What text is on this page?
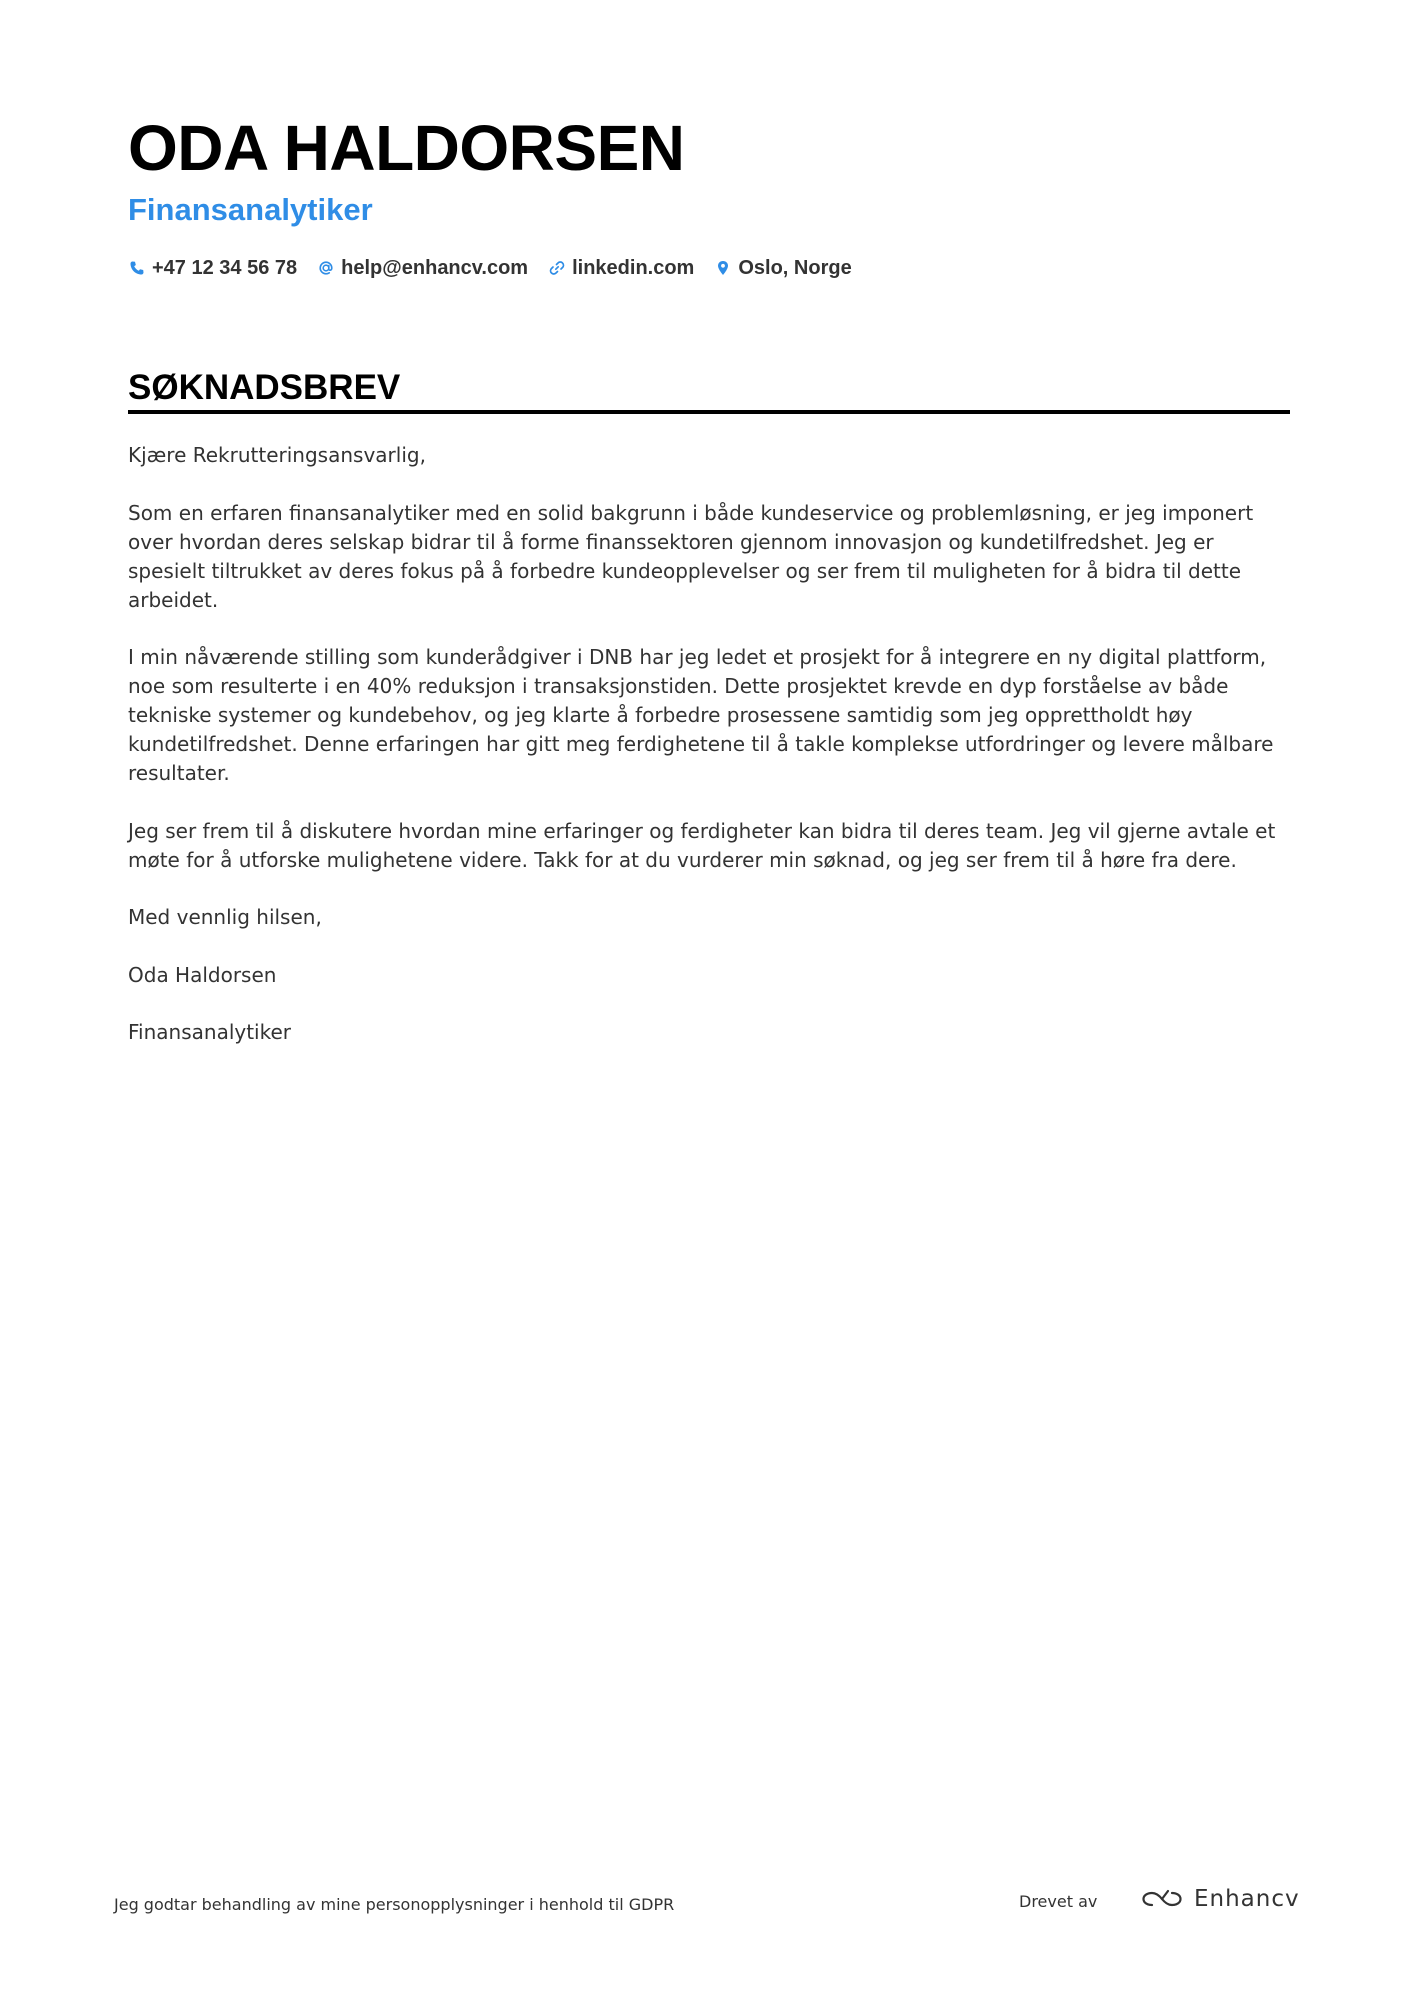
ODA HALDORSEN
Finansanalytiker
+47 12 34 56 78 help@enhancv.com linkedin.com Oslo, Norge
SØKNADSBREV

Kjære Rekrutteringsansvarlig,

Som en erfaren finansanalytiker med en solid bakgrunn i både kundeservice og problemløsning, er jeg imponert over hvordan deres selskap bidrar til å forme finanssektoren gjennom innovasjon og kundetilfredshet. Jeg er spesielt tiltrukket av deres fokus på å forbedre kundeopplevelser og ser frem til muligheten for å bidra til dette arbeidet.

I min nåværende stilling som kunderådgiver i DNB har jeg ledet et prosjekt for å integrere en ny digital plattform, noe som resulterte i en 40% reduksjon i transaksjonstiden. Dette prosjektet krevde en dyp forståelse av både tekniske systemer og kundebehov, og jeg klarte å forbedre prosessene samtidig som jeg opprettholdt høy kundetilfredshet. Denne erfaringen har gitt meg ferdighetene til å takle komplekse utfordringer og levere målbare resultater.

Jeg ser frem til å diskutere hvordan mine erfaringer og ferdigheter kan bidra til deres team. Jeg vil gjerne avtale et møte for å utforske mulighetene videre. Takk for at du vurderer min søknad, og jeg ser frem til å høre fra dere.

Med vennlig hilsen,

Oda Haldorsen

Finansanalytiker

Jeg godtar behandling av mine personopplysninger i henhold til GDPR	Drevet av	Enhancv
